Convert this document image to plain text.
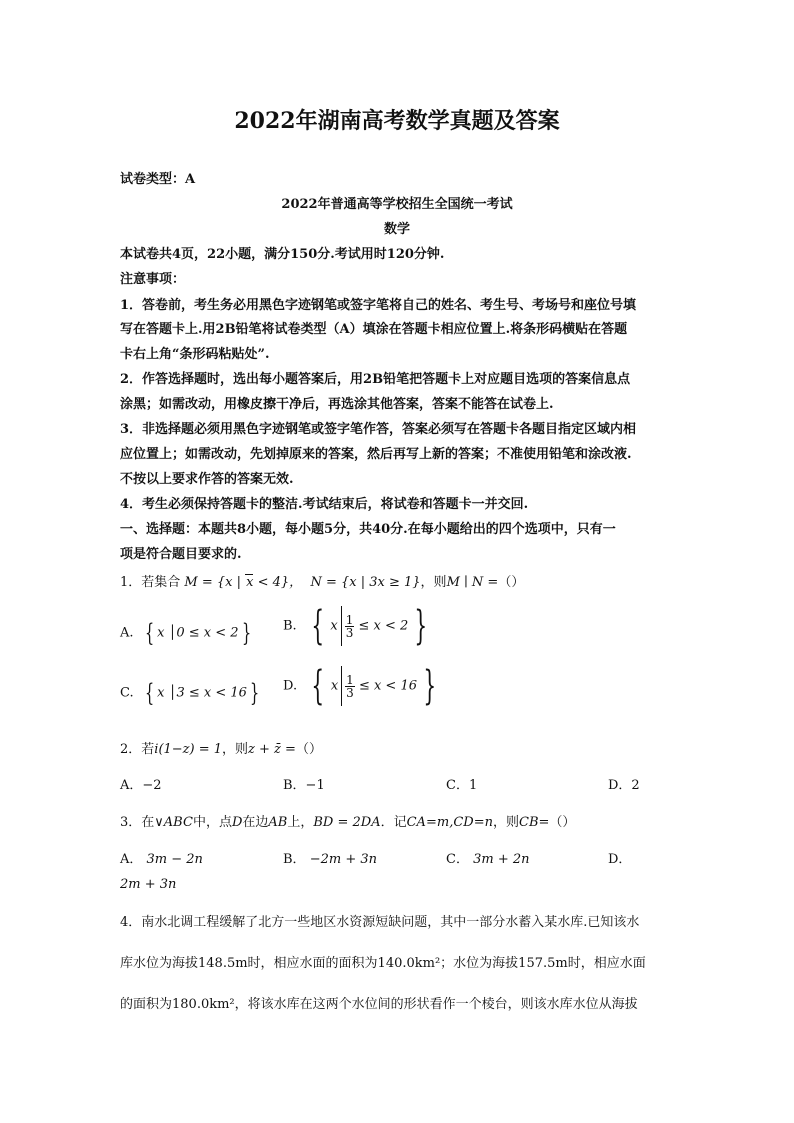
2022年湖南高考数学真题及答案
试卷类型：A
2022年普通高等学校招生全国统一考试
数学
本试卷共4页，22小题，满分150分.考试用时120分钟.
注意事项：
1．答卷前，考生务必用黑色字迹钢笔或签字笔将自己的姓名、考生号、考场号和座位号填
写在答题卡上.用2B铅笔将试卷类型（A）填涂在答题卡相应位置上.将条形码横贴在答题
卡右上角“条形码粘贴处”.
2．作答选择题时，选出每小题答案后，用2B铅笔把答题卡上对应题目选项的答案信息点
涂黑；如需改动，用橡皮擦干净后，再选涂其他答案，答案不能答在试卷上.
3．非选择题必须用黑色字迹钢笔或签字笔作答，答案必须写在答题卡各题目指定区域内相
应位置上；如需改动，先划掉原来的答案，然后再写上新的答案；不准使用铅笔和涂改液.
不按以上要求作答的答案无效.
4．考生必须保持答题卡的整洁.考试结束后，将试卷和答题卡一并交回.
一、选择题：本题共8小题，每小题5分，共40分.在每小题给出的四个选项中，只有一
项是符合题目要求的.
1．若集合 M = {x | x < 4}， N = {x | 3x ≥ 1}，则M ∣ N =（）
A. { x │0 ≤ x < 2 } B. { x $\frac{1}{3} \le x < 2$ }
C. { x │3 ≤ x < 16 } D. { x $\frac{1}{3} \le x < 16$ }
2．若i(1−z) = 1，则z + z̄ =（）
A．−2	B．−1	C．1	D．2
3．在∨ABC中，点D在边AB上，BD = 2DA．记CA=m,CD=n，则CB=（）
A． 3m − 2n	B． −2m + 3n	C． 3m + 2n	D．
2m + 3n
4．南水北调工程缓解了北方一些地区水资源短缺问题，其中一部分水蓄入某水库.已知该水
库水位为海拔148.5m时，相应水面的面积为140.0km²；水位为海拔157.5m时，相应水面
的面积为180.0km²，将该水库在这两个水位间的形状看作一个棱台，则该水库水位从海拔
